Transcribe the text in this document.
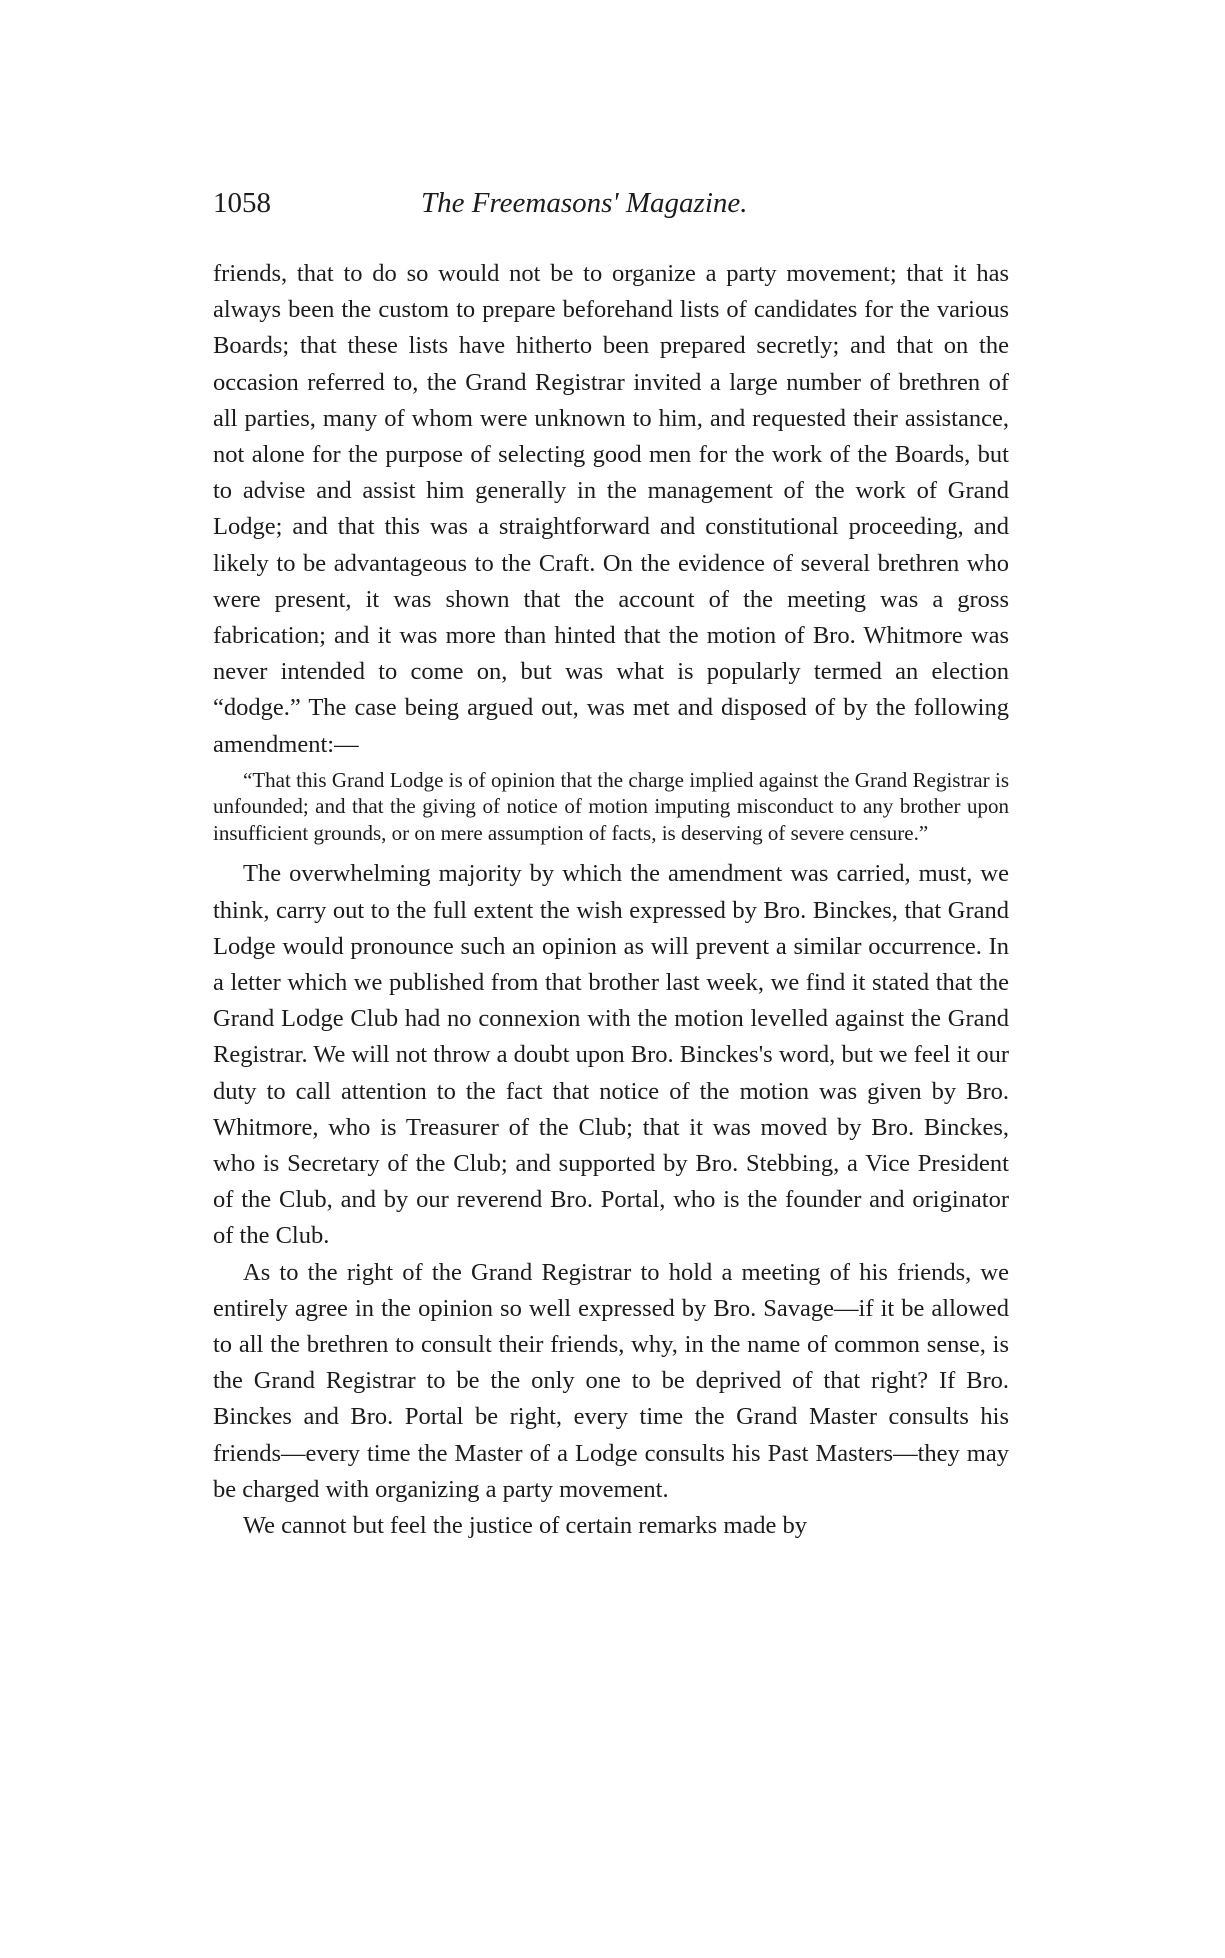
1058	The Freemasons' Magazine.

friends, that to do so would not be to organize a party movement; that it has always been the custom to prepare beforehand lists of candidates for the various Boards; that these lists have hitherto been prepared secretly; and that on the occasion referred to, the Grand Registrar invited a large number of brethren of all parties, many of whom were unknown to him, and requested their assistance, not alone for the purpose of selecting good men for the work of the Boards, but to advise and assist him generally in the management of the work of Grand Lodge; and that this was a straightforward and constitutional proceeding, and likely to be advantageous to the Craft. On the evidence of several brethren who were present, it was shown that the account of the meeting was a gross fabrication; and it was more than hinted that the motion of Bro. Whitmore was never intended to come on, but was what is popularly termed an election “dodge.” The case being argued out, was met and disposed of by the following amendment:—

“That this Grand Lodge is of opinion that the charge implied against the Grand Registrar is unfounded; and that the giving of notice of motion imputing misconduct to any brother upon insufficient grounds, or on mere assumption of facts, is deserving of severe censure.”

The overwhelming majority by which the amendment was carried, must, we think, carry out to the full extent the wish expressed by Bro. Binckes, that Grand Lodge would pronounce such an opinion as will prevent a similar occurrence. In a letter which we published from that brother last week, we find it stated that the Grand Lodge Club had no connexion with the motion levelled against the Grand Registrar. We will not throw a doubt upon Bro. Binckes's word, but we feel it our duty to call attention to the fact that notice of the motion was given by Bro. Whitmore, who is Treasurer of the Club; that it was moved by Bro. Binckes, who is Secretary of the Club; and supported by Bro. Stebbing, a Vice President of the Club, and by our reverend Bro. Portal, who is the founder and originator of the Club.

As to the right of the Grand Registrar to hold a meeting of his friends, we entirely agree in the opinion so well expressed by Bro. Savage—if it be allowed to all the brethren to consult their friends, why, in the name of common sense, is the Grand Registrar to be the only one to be deprived of that right? If Bro. Binckes and Bro. Portal be right, every time the Grand Master consults his friends—every time the Master of a Lodge consults his Past Masters—they may be charged with organizing a party movement.

We cannot but feel the justice of certain remarks made by
